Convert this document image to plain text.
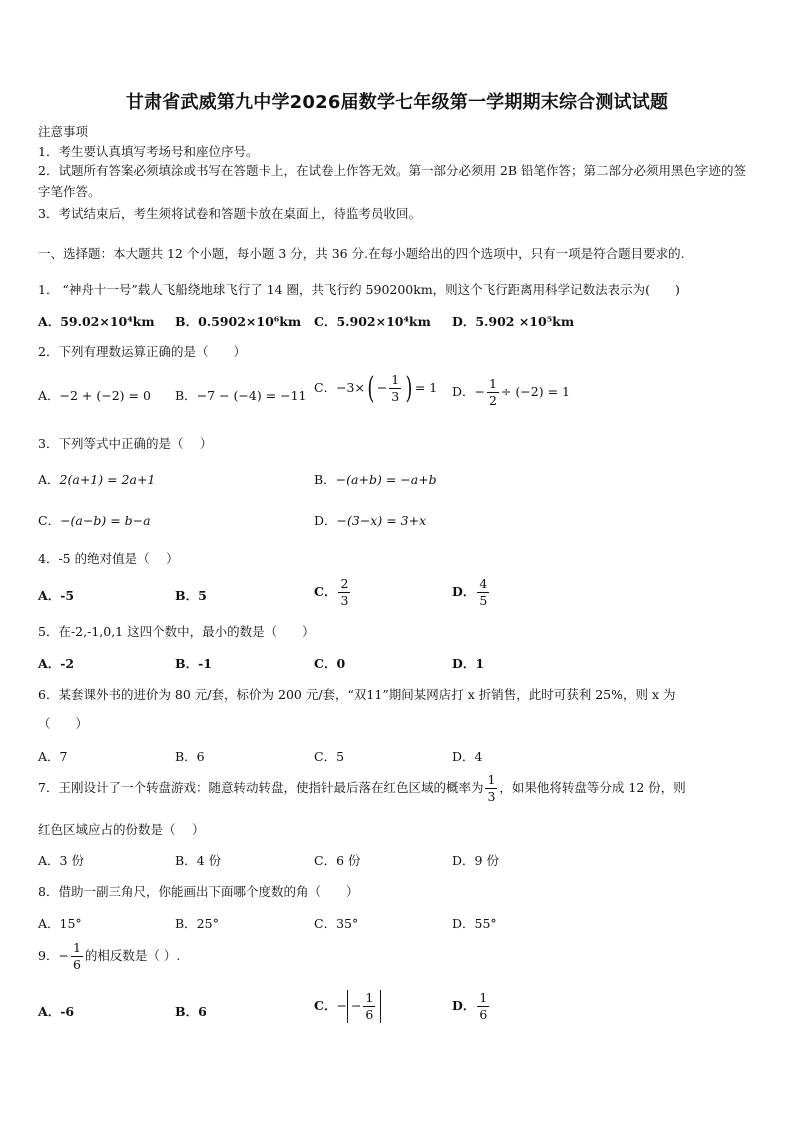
甘肃省武威第九中学2026届数学七年级第一学期期末综合测试试题
注意事项
1．考生要认真填写考场号和座位序号。
2．试题所有答案必须填涂或书写在答题卡上，在试卷上作答无效。第一部分必须用 2B 铅笔作答；第二部分必须用黑色字迹的签字笔作答。
3．考试结束后，考生须将试卷和答题卡放在桌面上，待监考员收回。
一、选择题：本大题共 12 个小题，每小题 3 分，共 36 分.在每小题给出的四个选项中，只有一项是符合题目要求的.
1． “神舟十一号”载人飞船绕地球飞行了 14 圈，共飞行约 590200km，则这个飞行距离用科学记数法表示为(　　)
A．59.02×10⁴km B．0.5902×10⁶km C．5.902×10⁴km D．5.902 ×10⁵km
2．下列有理数运算正确的是（　　）
A．−2 + (−2) = 0 B．−7 − (−4) = −11
C．$-3\times( - \frac{1}{3}$ ) = 1 D．− $\frac{1}{2} \div (-2) = 1$
3．下列等式中正确的是（　 ）
A．2(a+1) = 2a+1	B．−(a+b) = −a+b
C．−(a−b) = b−a	D．−(3−x) = 3+x
4．-5 的绝对值是（　 ）
A．-5	B．5	C． $\frac{2}{3}$	D． $\frac{4}{5}$
5．在-2,-1,0,1 这四个数中，最小的数是（　　）
A．-2	B．-1	C．0	D．1
6．某套课外书的进价为 80 元/套，标价为 200 元/套，“双11”期间某网店打 x 折销售，此时可获利 25%，则 x 为
（　　）
A．7	B．6	C．5	D．4
7．王刚设计了一个转盘游戏：随意转动转盘，使指针最后落在红色区域的概率为 $\frac{1}{3}$ ，如果他将转盘等分成 12 份，则
红色区域应占的份数是（　 ）
A．3 份	B．4 份	C．6 份	D．9 份
8．借助一副三角尺，你能画出下面哪个度数的角（　　）
A．15°	B．25°	C．35°	D．55°
9．− $\frac{1}{6}$ 的相反数是（ ）.
A．-6	B．6	C．− − $\frac{1}{6}$	D． $\frac{1}{6}$
